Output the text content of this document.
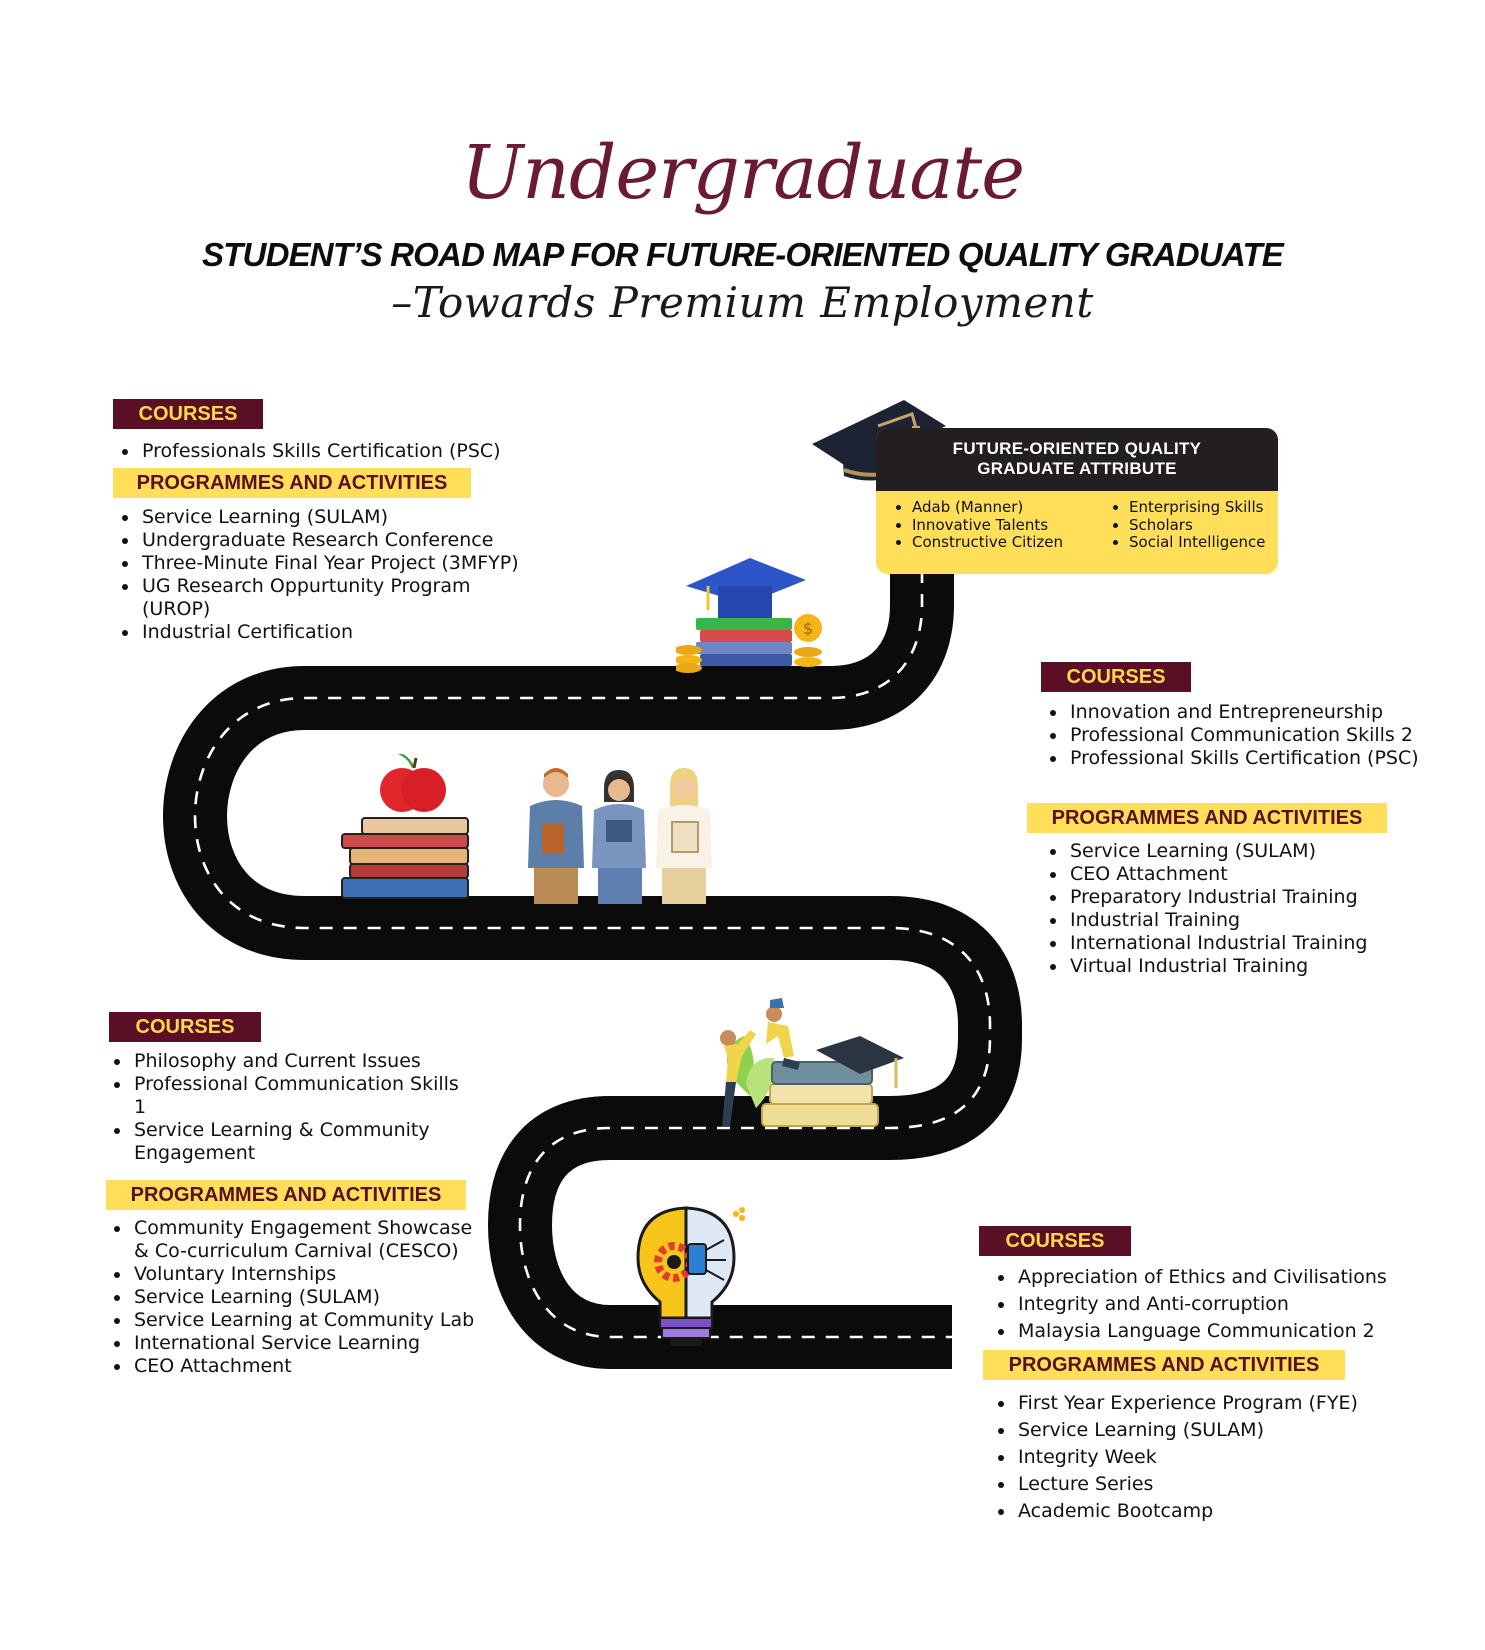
Undergraduate
STUDENT’S ROAD MAP FOR FUTURE-ORIENTED QUALITY GRADUATE
–Towards Premium Employment
FUTURE-ORIENTED QUALITY
GRADUATE ATTRIBUTE
• Adab (Manner)
• Innovative Talents
• Constructive Citizen
• Enterprising Skills
• Scholars
• Social Intelligence
COURSES
• Professionals Skills Certification (PSC)
PROGRAMMES AND ACTIVITIES
• Service Learning (SULAM)
• Undergraduate Research Conference
• Three-Minute Final Year Project (3MFYP)
• UG Research Oppurtunity Program (UROP)
• Industrial Certification	$
COURSES
• Innovation and Entrepreneurship
• Professional Communication Skills 2
• Professional Skills Certification (PSC)
PROGRAMMES AND ACTIVITIES
• Service Learning (SULAM)
• CEO Attachment
• Preparatory Industrial Training
• Industrial Training
• International Industrial Training
• Virtual Industrial Training
COURSES
• Philosophy and Current Issues
• Professional Communication Skills 1
• Service Learning & Community Engagement
PROGRAMMES AND ACTIVITIES
• Community Engagement Showcase & Co-curriculum Carnival (CESCO)
• Voluntary Internships
• Service Learning (SULAM)
• Service Learning at Community Lab
• International Service Learning
• CEO Attachment
COURSES
• Appreciation of Ethics and Civilisations
• Integrity and Anti-corruption
• Malaysia Language Communication 2
PROGRAMMES AND ACTIVITIES
• First Year Experience Program (FYE)
• Service Learning (SULAM)
• Integrity Week
• Lecture Series
• Academic Bootcamp
